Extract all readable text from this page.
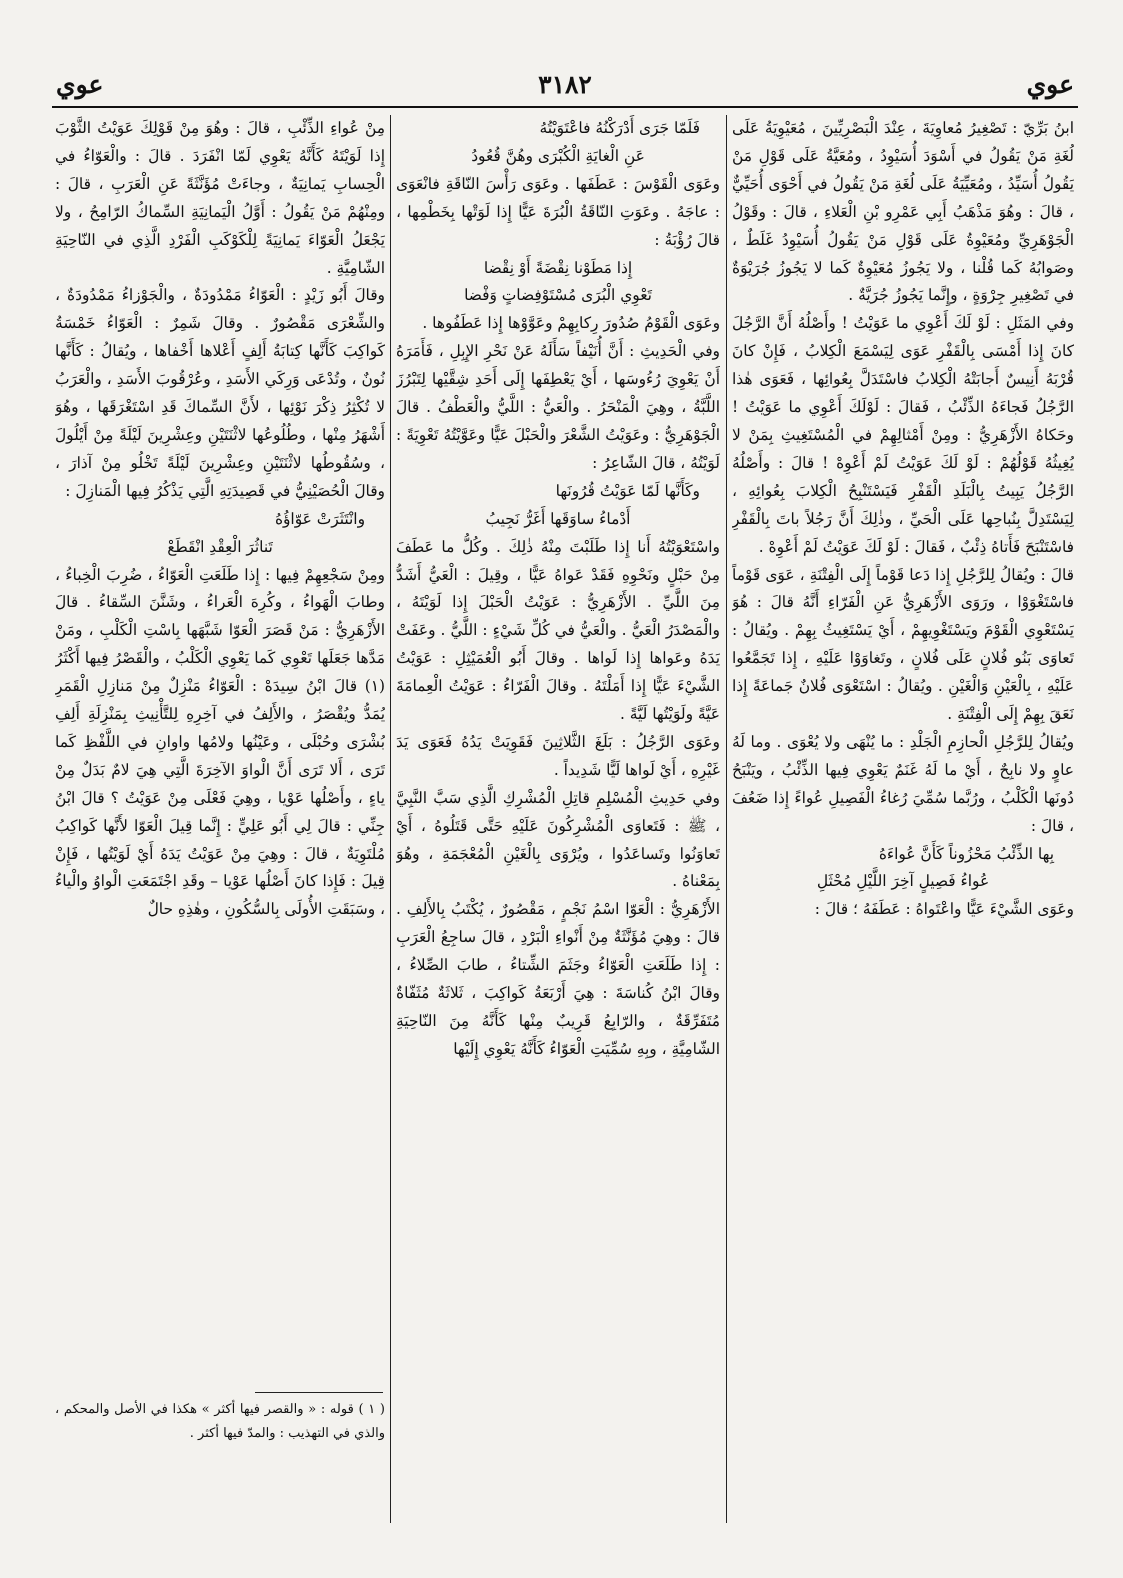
عوي	٣١٨٢	عوي

ابنُ بَرِّيّ : تَصْغِيرُ مُعاوِيَةَ ، عِنْدَ الْبَصْرِيِّينَ ، مُعَيْوِيَةُ عَلَى لُغَةِ مَنْ يَقُولُ في أَسْوَدَ أُسَيْوِدُ ، ومُعَيَّةُ عَلَى قَوْلِ مَنْ يَقُولُ أُسَيِّدُ ، ومُعَيِّيَةُ عَلَى لُغَةِ مَنْ يَقُولُ في أَحْوَى أُحَيِّيٌّ ، قالَ : وهُوَ مَذْهَبُ أَبِي عَمْرِو بْنِ الْعَلاءِ ، قالَ : وقَوْلُ الْجَوْهَرِيِّ ومُعَيْوِةُ عَلَى قَوْلِ مَنْ يَقُولُ أُسَيْوِدُ غَلَطٌ ، وصَوابُهُ كَما قُلْنا ، ولا يَجُوزُ مُعَيْوِةٌ كَما لا يَجُوزُ جُرَيْوَةٌ في تَصْغِيرِ جِرْوَةٍ ، وإِنَّما يَجُوزُ جُرَيَّةٌ .

وفي المَثَلِ : لَوْ لَكَ أَعْوِي ما عَوَيْتُ ! وأَصْلُهُ أَنَّ الرَّجُلَ كانَ إِذا أَمْسَى بِالْقَفْرِ عَوَى لِيَسْمَعَ الْكِلابُ ، فَإِنْ كانَ قُرْبَهُ أَنِيسٌ أَجابَتْهُ الْكِلابُ فاسْتَدَلَّ بِعُوائِها ، فَعَوَى هٰذا الرَّجُلُ فَجاءَهُ الذِّئْبُ ، فَقالَ : لَوْلَكَ أَعْوِي ما عَوَيْتُ ! وحَكاهُ الأَزْهَرِيُّ : ومِنْ أَمْثالِهِمْ في الْمُسْتَغِيثِ بِمَنْ لا يُغِيثُهُ قَوْلُهُمْ : لَوْ لَكَ عَوَيْتُ لَمْ أَعْوِهْ ! قالَ : وأَصْلُهُ الرَّجُلُ يَبِيتُ بِالْبَلَدِ الْقَفْرِ فَيَسْتَنْبِحُ الْكِلابَ بِعُوائِهِ ، لِيَسْتَدِلَّ بِنُباحِها عَلَى الْحَيِّ ، وذٰلِكَ أَنَّ رَجُلاً باتَ بِالْقَفْرِ فاسْتَنْبَحَ فَأَتاهُ ذِئْبٌ ، فَقالَ : لَوْ لَكَ عَوَيْتُ لَمْ أَعْوِهْ .

قالَ : ويُقالُ لِلرَّجُلِ إِذا دَعا قَوْماً إِلَى الْفِتْنَةِ ، عَوَى قَوْماً فاسْتَغْوَوْا ، ورَوَى الأَزْهَرِيُّ عَنِ الْفَرّاءِ أَنَّهُ قالَ : هُوَ يَسْتَعْوِي الْقَوْمَ ويَسْتَغْوِيهِمْ ، أَيْ يَسْتَغِيثُ بِهِمْ . ويُقالُ : تَعاوَى بَنُو فُلانٍ عَلَى فُلانٍ ، وتَغاوَوْا عَلَيْهِ ، إِذا تَجَمَّعُوا عَلَيْهِ ، بِالْعَيْنِ وَالْغَيْنِ . ويُقالُ : اسْتَعْوَى فُلانٌ جَماعَةً إِذا نَعَقَ بِهِمْ إِلَى الْفِتْنَةِ .

ويُقالُ لِلرَّجُلِ الْحازِمِ الْجَلْدِ : ما يُنْهَى ولا يُعْوَى . وما لَهُ عاوٍ ولا نابِحٌ ، أَيْ ما لَهُ غَنَمٌ يَعْوِي فِيها الذِّئْبُ ، ويَنْبَحُ دُونَها الْكَلْبُ ، ورُبَّما سُمِّيَ رُغاءُ الْفَصِيلِ عُواءً إِذا ضَعُفَ ، قالَ :

بِها الذِّئْبُ مَحْزُوناً كَأَنَّ عُواءَهُ

عُواءُ فَصِيلٍ آخِرَ اللَّيْلِ مُحْثَلِ

وعَوَى الشَّيْءَ عَيًّا واعْتَواهُ : عَطَفَهُ ؛ قالَ :

فَلَمّا جَرَى أَدْرَكْنُهُ فاعْتَوَيْتُهُ

عَنِ الْغايَةِ الْكُبْرَى وهُنَّ قُعُودُ

وعَوَى الْقَوْسَ : عَطَفَها . وعَوَى رَأْسَ النّاقَةِ فانْعَوَى : عاجَهُ . وعَوَتِ النّاقَةُ الْبُرَةَ عَيًّا إِذا لَوَتْها بِخَطْمِها ، قالَ رُؤْبَةُ :

إِذا مَطَوْنا نِقْضَةً أَوْ نِقْضا

تَعْوِي الْبُرَى مُسْتَوْفِضاتٍ وَفْضا

وعَوَى الْقَوْمُ صُدُورَ رِكابِهِمْ وعَوَّوْها إِذا عَطَفُوها .

وفي الْحَدِيثِ : أَنَّ أُنَيْفاً سَأَلَهُ عَنْ نَحْرِ الإِبِلِ ، فَأَمَرَهُ أَنْ يَعْوِيَ رُءُوسَها ، أَيْ يَعْطِفَها إِلَى أَحَدِ شِقَّيْها لِتَبْرُزَ اللَّبَّةُ ، وهِيَ الْمَنْحَرُ . والْعَيُّ : اللَّيُّ والْعَطْفُ . قالَ الْجَوْهَرِيُّ : وعَوَيْتُ الشَّعْرَ والْحَبْلَ عَيًّا وعَوَّيْتُهُ تَعْوِيَةً : لَوَيْتُهُ ، قالَ الشّاعِرُ :

وكَأَنَّها لَمّا عَوَيْتُ قُرُونَها

أَدْماءُ ساوَقَها أَغَرُّ نَجِيبُ

واسْتَعْوَيْتُهُ أَنا إِذا طَلَبْتَ مِنْهُ ذٰلِكَ . وكُلُّ ما عَطَفَ مِنْ حَبْلٍ ونَحْوِهِ فَقَدْ عَواهُ عَيًّا ، وقِيلَ : الْعَيُّ أَشَدُّ مِنَ اللَّيِّ . الأَزْهَرِيُّ : عَوَيْتُ الْحَبْلَ إِذا لَوَيْتَهُ ، والْمَصْدَرُ الْعَيُّ . والْعَيُّ في كُلِّ شَيْءٍ : اللَّيُّ . وعَفَتْ يَدَهُ وعَواها إِذا لَواها . وقالَ أَبُو الْعُمَيْثِلِ : عَوَيْتُ الشَّيْءَ عَيًّا إِذا أَمَلْتَهُ . وقالَ الْفَرّاءُ : عَوَيْتُ الْعِمامَةَ عَيَّةً ولَوَيْتُها لَيَّةً .

وعَوَى الرَّجُلُ : بَلَغَ الثَّلاثِينَ فَقَوِيَتْ يَدُهُ فَعَوَى يَدَ غَيْرِهِ ، أَيْ لَواها لَيًّا شَدِيداً .

وفي حَدِيثِ الْمُسْلِمِ قاتِلِ الْمُشْرِكِ الَّذِي سَبَّ النَّبِيَّ ، ﷺ : فَتَعاوَى الْمُشْرِكُونَ عَلَيْهِ حَتَّى قَتَلُوهُ ، أَيْ تَعاوَنُوا وتَساعَدُوا ، ويُرْوَى بِالْغَيْنِ الْمُعْجَمَةِ ، وهُوَ بِمَعْناهُ .

الأَزْهَرِيُّ : الْعَوّا اسْمُ نَجْمٍ ، مَقْصُورٌ ، يُكْتَبُ بِالأَلِفِ . قالَ : وهِيَ مُؤَنَّثَةٌ مِنْ أَنْواءِ الْبَرْدِ ، قالَ ساجِعُ الْعَرَبِ : إِذا طَلَعَتِ الْعَوّاءُ وجَثَمَ الشِّتاءُ ، طابَ الصِّلاءُ ، وقالَ ابْنُ كُناسَةَ : هِيَ أَرْبَعَةُ كَواكِبَ ، ثَلاثَةٌ مُثَفّاةٌ مُتَفَرِّقَةٌ ، والرّابِعُ قَرِيبٌ مِنْها كَأَنَّهُ مِنَ النّاحِيَةِ الشّامِيَّةِ ، وبِهِ سُمِّيَتِ الْعَوّاءُ كَأَنَّهُ يَعْوِي إِلَيْها

مِنْ عُواءِ الذِّئْبِ ، قالَ : وهُوَ مِنْ قَوْلِكَ عَوَيْتُ الثَّوْبَ إِذا لَوَيْتَهُ كَأَنَّهُ يَعْوِي لَمّا انْفَرَدَ . قالَ : والْعَوّاءُ في الْحِسابِ يَمانِيَةٌ ، وجاءَتْ مُؤَنَّثَةً عَنِ الْعَرَبِ ، قالَ : ومِنْهُمْ مَنْ يَقُولُ : أَوَّلُ الْيَمانِيَةِ السِّماكُ الرّامِحُ ، ولا يَجْعَلُ الْعَوّاءَ يَمانِيَةً لِلْكَوْكَبِ الْفَرْدِ الَّذِي في النّاحِيَةِ الشّامِيَّةِ .

وقالَ أَبُو زَيْدٍ : الْعَوّاءُ مَمْدُودَةٌ ، والْجَوْزاءُ مَمْدُودَةٌ ، والشِّعْرَى مَقْصُورٌ . وقالَ شَمِرٌ : الْعَوّاءُ خَمْسَةُ كَواكِبَ كَأَنَّها كِتابَةُ أَلِفٍ أَعْلاها أَخْفاها ، ويُقالُ : كَأَنَّها نُونٌ ، وتُدْعَى وَرِكَي الأَسَدِ ، وعُرْقُوبَ الأَسَدِ ، والْعَرَبُ لا تُكْثِرُ ذِكْرَ نَوْئِها ، لأَنَّ السِّماكَ قَدِ اسْتَغْرَقَها ، وهُوَ أَشْهَرُ مِنْها ، وطُلُوعُها لاثْنَتَيْنِ وعِشْرِينَ لَيْلَةً مِنْ أَيْلُولَ ، وسُقُوطُها لاثْنَتَيْنِ وعِشْرِينَ لَيْلَةً تَخْلُو مِنْ آذارَ ، وقالَ الْحُصَيْنِيُّ في قَصِيدَتِهِ الَّتِي يَذْكُرُ فِيها الْمَنازِلَ :

وانْتَثَرَتْ عَوّاؤُهُ

تَناثُرَ الْعِقْدِ انْقَطَعْ

ومِنْ سَجْعِهِمْ فِيها : إِذا طَلَعَتِ الْعَوّاءُ ، ضُرِبَ الْخِباءُ ، وطابَ الْهَواءُ ، وكُرِهَ الْعَراءُ ، وشَنَّنَ السِّقاءُ . قالَ الأَزْهَرِيُّ : مَنْ قَصَرَ الْعَوّا شَبَّهَها بِاسْتِ الْكَلْبِ ، ومَنْ مَدَّها جَعَلَها تَعْوِي كَما يَعْوِي الْكَلْبُ ، والْقَصْرُ فِيها أَكْثَرُ (١) قالَ ابْنُ سِيدَهْ : الْعَوّاءُ مَنْزِلٌ مِنْ مَنازِلِ الْقَمَرِ يُمَدُّ ويُقْصَرُ ، والأَلِفُ في آخِرِهِ لِلتَّأْنِيثِ بِمَنْزِلَةِ أَلِفِ بُشْرَى وحُبْلَى ، وعَيْنُها ولامُها واوانِ في اللَّفْظِ كَما تَرَى ، أَلا تَرَى أَنَّ الْواوَ الآخِرَةَ الَّتِي هِيَ لامٌ بَدَلٌ مِنْ ياءٍ ، وأَصْلُها عَوْيا ، وهِيَ فَعْلَى مِنْ عَوَيْتُ ؟ قالَ ابْنُ جِنِّي : قالَ لِي أَبُو عَلِيٍّ : إِنَّما قِيلَ الْعَوّا لأَنَّها كَواكِبُ مُلْتَوِيَةٌ ، قالَ : وهِيَ مِنْ عَوَيْتُ يَدَهُ أَيْ لَوَيْتُها ، فَإِنْ قِيلَ : فَإِذا كانَ أَصْلُها عَوْيا – وقَدِ اجْتَمَعَتِ الْواوُ والْياءُ ، وسَبَقَتِ الأُولَى بِالسُّكُونِ ، وهٰذِهِ حالٌ

( ١ ) قوله : « والقصر فيها أكثر » هكذا في الأصل والمحكم ، والذي في التهذيب : والمدّ فيها أكثر .
